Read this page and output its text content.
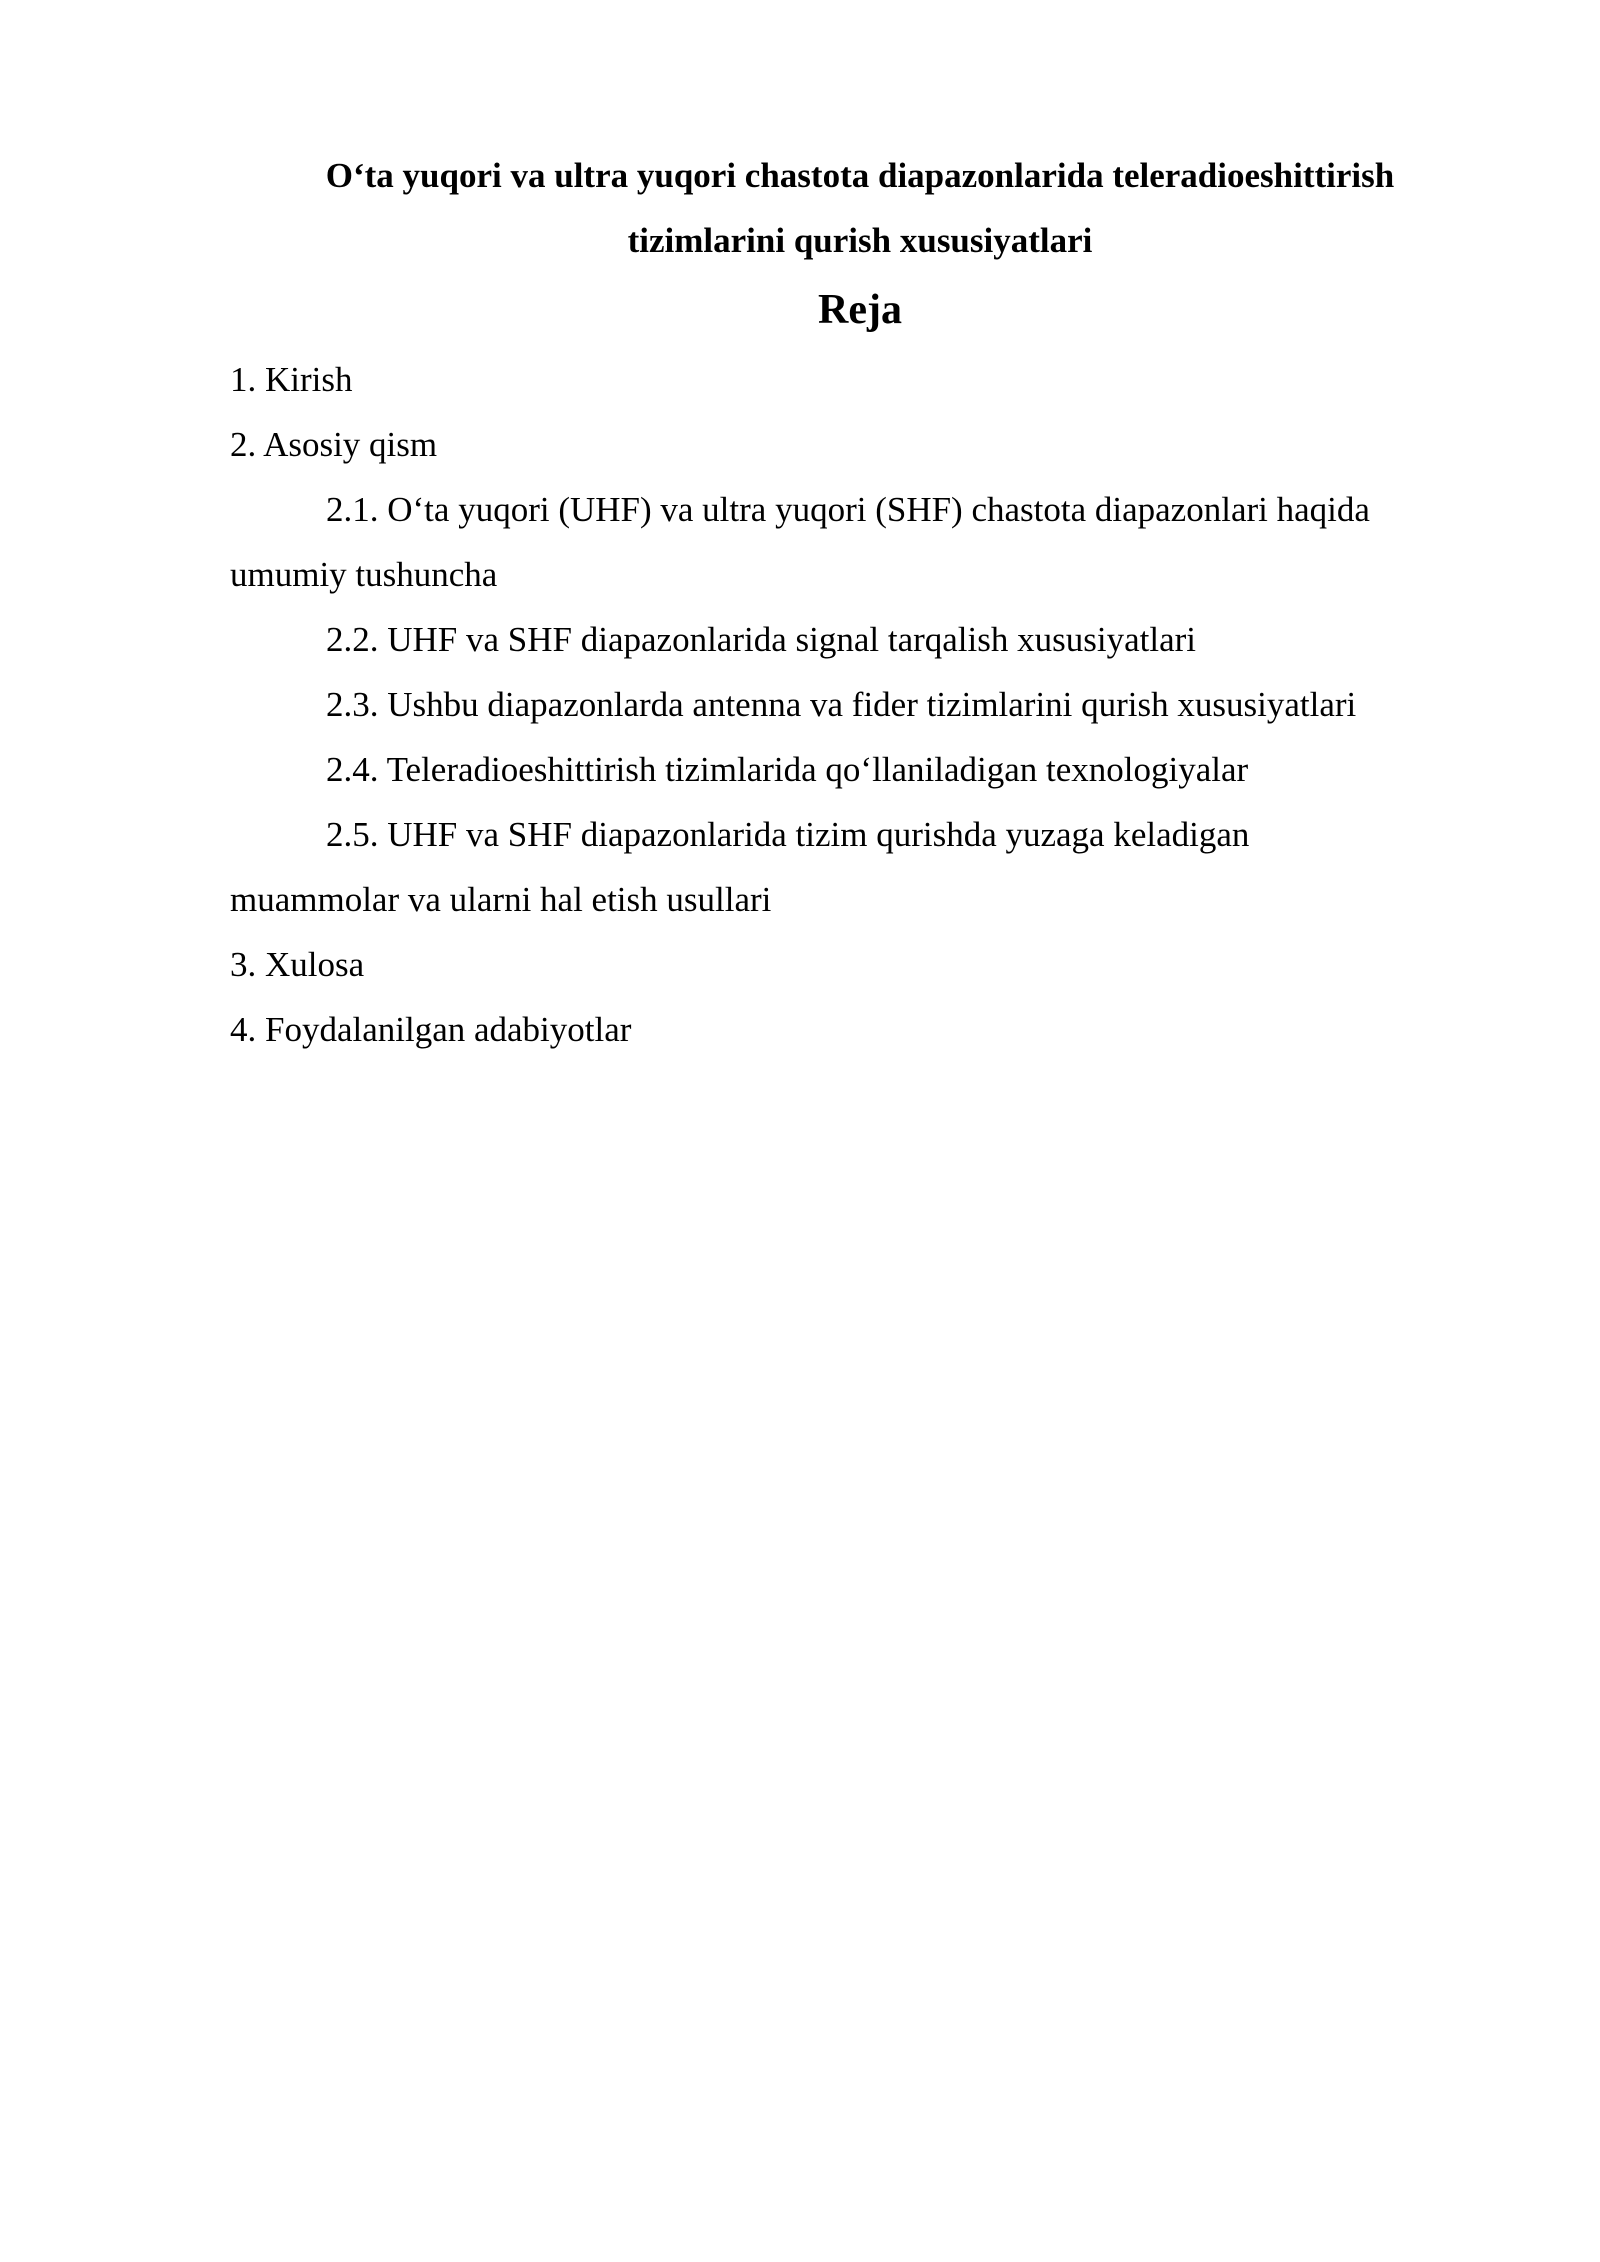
O‘ta yuqori va ultra yuqori chastota diapazonlarida teleradioeshittirish
tizimlarini qurish xususiyatlari
Reja

1. Kirish

2. Asosiy qism

2.1. O‘ta yuqori (UHF) va ultra yuqori (SHF) chastota diapazonlari haqida

umumiy tushuncha

2.2. UHF va SHF diapazonlarida signal tarqalish xususiyatlari

2.3. Ushbu diapazonlarda antenna va fider tizimlarini qurish xususiyatlari

2.4. Teleradioeshittirish tizimlarida qo‘llaniladigan texnologiyalar

2.5. UHF va SHF diapazonlarida tizim qurishda yuzaga keladigan

muammolar va ularni hal etish usullari

3. Xulosa

4. Foydalanilgan adabiyotlar
